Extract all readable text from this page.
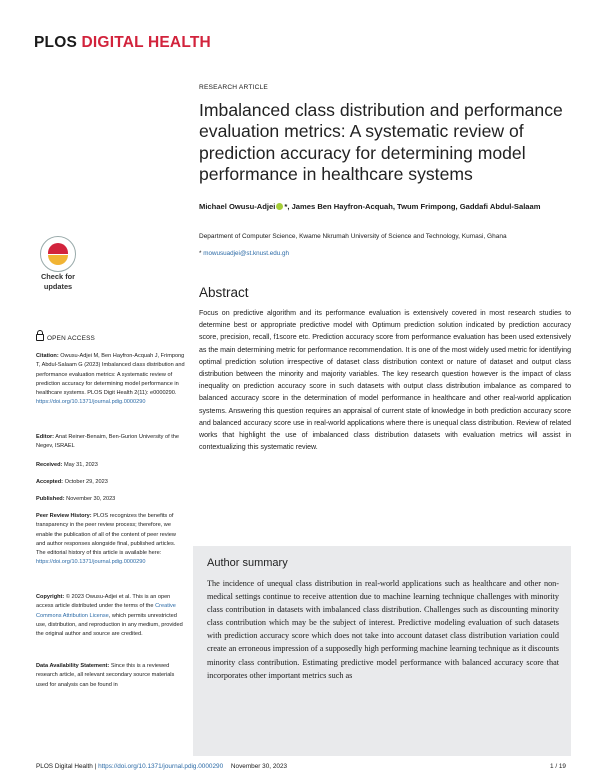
PLOS DIGITAL HEALTH
RESEARCH ARTICLE
Imbalanced class distribution and performance evaluation metrics: A systematic review of prediction accuracy for determining model performance in healthcare systems
Michael Owusu-Adjei *, James Ben Hayfron-Acquah, Twum Frimpong, Gaddafi Abdul-Salaam
Department of Computer Science, Kwame Nkrumah University of Science and Technology, Kumasi, Ghana
* mowusuadjei@st.knust.edu.gh
Check for
updates
OPEN ACCESS
Citation: Owusu-Adjei M, Ben Hayfron-Acquah J, Frimpong T, Abdul-Salaam G (2023) Imbalanced class distribution and performance evaluation metrics: A systematic review of prediction accuracy for determining model performance in healthcare systems. PLOS Digit Health 2(11): e0000290. https://doi.org/10.1371/journal.pdig.0000290
Editor: Anat Reiner-Benaim, Ben-Gurion University of the Negev, ISRAEL
Received: May 31, 2023
Accepted: October 29, 2023
Published: November 30, 2023
Peer Review History: PLOS recognizes the benefits of transparency in the peer review process; therefore, we enable the publication of all of the content of peer review and author responses alongside final, published articles. The editorial history of this article is available here: https://doi.org/10.1371/journal.pdig.0000290
Copyright: © 2023 Owusu-Adjei et al. This is an open access article distributed under the terms of the Creative Commons Attribution License, which permits unrestricted use, distribution, and reproduction in any medium, provided the original author and source are credited.
Data Availability Statement: Since this is a reviewed research article, all relevant secondary source materials used for analysis can be found in
Abstract

Focus on predictive algorithm and its performance evaluation is extensively covered in most research studies to determine best or appropriate predictive model with Optimum prediction solution indicated by prediction accuracy score, precision, recall, f1score etc. Prediction accuracy score from performance evaluation has been used extensively as the main determining metric for performance recommendation. It is one of the most widely used metric for identifying optimal prediction solution irrespective of dataset class distribution context or nature of dataset and output class distribution between the minority and majority variables. The key research question however is the impact of class inequality on prediction accuracy score in such datasets with output class distribution imbalance as compared to balanced accuracy score in the determination of model performance in healthcare and other real-world application systems. Answering this question requires an appraisal of current state of knowledge in both prediction accuracy score and balanced accuracy score use in real-world applications where there is unequal class distribution. Review of related works that highlight the use of imbalanced class distribution datasets with evaluation metrics will assist in contextualizing this systematic review.

Author summary

The incidence of unequal class distribution in real-world applications such as healthcare and other non-medical settings continue to receive attention due to machine learning technique challenges with minority class contribution in datasets with imbalanced class distribution. Challenges such as discounting minority class contribution which may be the subject of interest. Predictive modeling evaluation of such datasets with prediction accuracy score which does not take into account dataset class distribution variation could create an erroneous impression of a supposedly high performing machine learning technique as it discounts minority class contribution. Estimating predictive model performance with balanced accuracy score that incorporates other important metrics such as

PLOS Digital Health | https://doi.org/10.1371/journal.pdig.0000290 November 30, 2023	1 / 19
